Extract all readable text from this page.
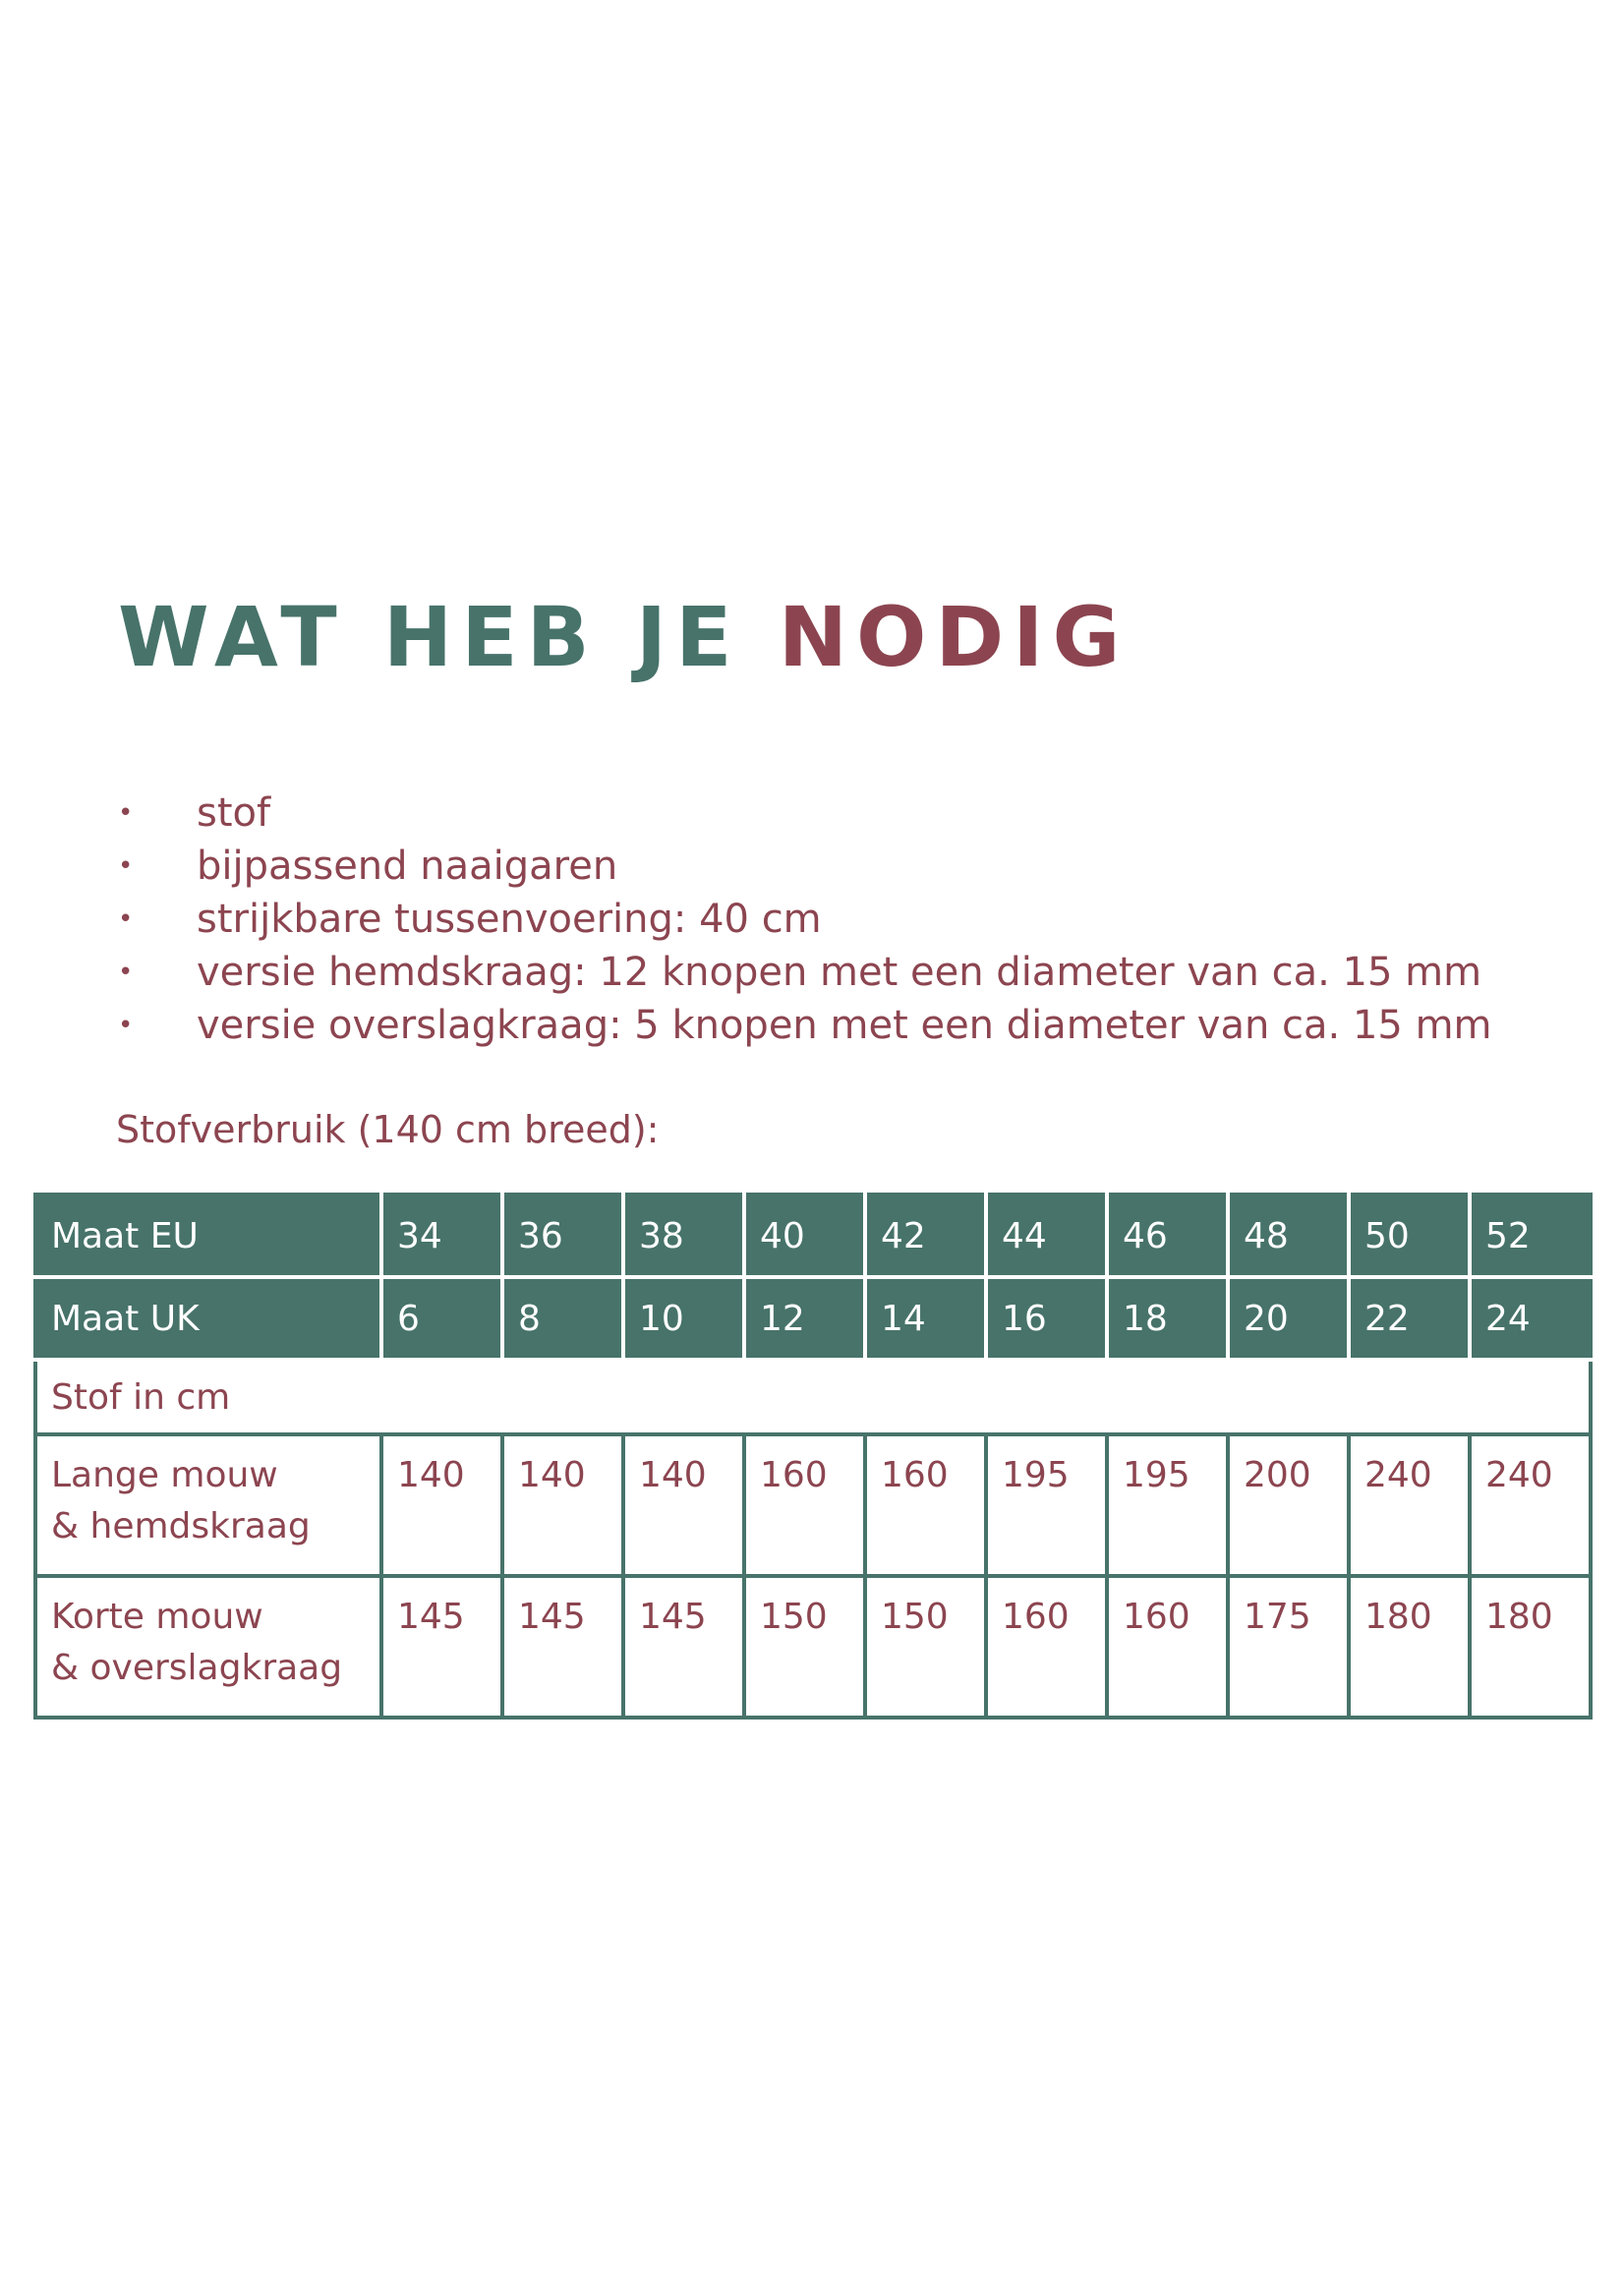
WAT HEB JE NODIG
• stof
• bijpassend naaigaren
• strijkbare tussenvoering: 40 cm
• versie hemdskraag: 12 knopen met een diameter van ca. 15 mm
• versie overslagkraag: 5 knopen met een diameter van ca. 15 mm

Stofverbruik (140 cm breed):

Maat EU	34	36	38	40	42	44	46	48	50	52
Maat UK	6	8	10	12	14	16	18	20	22	24
Stof in cm										
Lange mouw
& hemdskraag	140	140	140	160	160	195	195	200	240	240
Korte mouw
& overslagkraag	145	145	145	150	150	160	160	175	180	180
